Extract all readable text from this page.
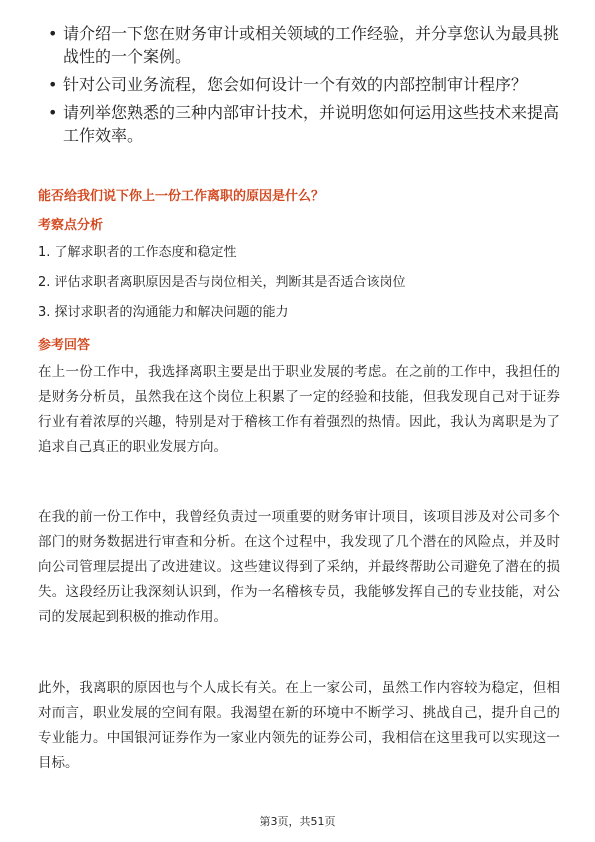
• 请介绍一下您在财务审计或相关领域的工作经验，并分享您认为最具挑战性的一个案例。
• 针对公司业务流程，您会如何设计一个有效的内部控制审计程序？
• 请列举您熟悉的三种内部审计技术，并说明您如何运用这些技术来提高工作效率。
能否给我们说下你上一份工作离职的原因是什么？
考察点分析
1. 了解求职者的工作态度和稳定性
2. 评估求职者离职原因是否与岗位相关，判断其是否适合该岗位
3. 探讨求职者的沟通能力和解决问题的能力
参考回答

在上一份工作中，我选择离职主要是出于职业发展的考虑。在之前的工作中，我担任的是财务分析员，虽然我在这个岗位上积累了一定的经验和技能，但我发现自己对于证券行业有着浓厚的兴趣，特别是对于稽核工作有着强烈的热情。因此，我认为离职是为了追求自己真正的职业发展方向。

在我的前一份工作中，我曾经负责过一项重要的财务审计项目，该项目涉及对公司多个部门的财务数据进行审查和分析。在这个过程中，我发现了几个潜在的风险点，并及时向公司管理层提出了改进建议。这些建议得到了采纳，并最终帮助公司避免了潜在的损失。这段经历让我深刻认识到，作为一名稽核专员，我能够发挥自己的专业技能，对公司的发展起到积极的推动作用。

此外，我离职的原因也与个人成长有关。在上一家公司，虽然工作内容较为稳定，但相对而言，职业发展的空间有限。我渴望在新的环境中不断学习、挑战自己，提升自己的专业能力。中国银河证券作为一家业内领先的证券公司，我相信在这里我可以实现这一目标。

第3页，共51页
